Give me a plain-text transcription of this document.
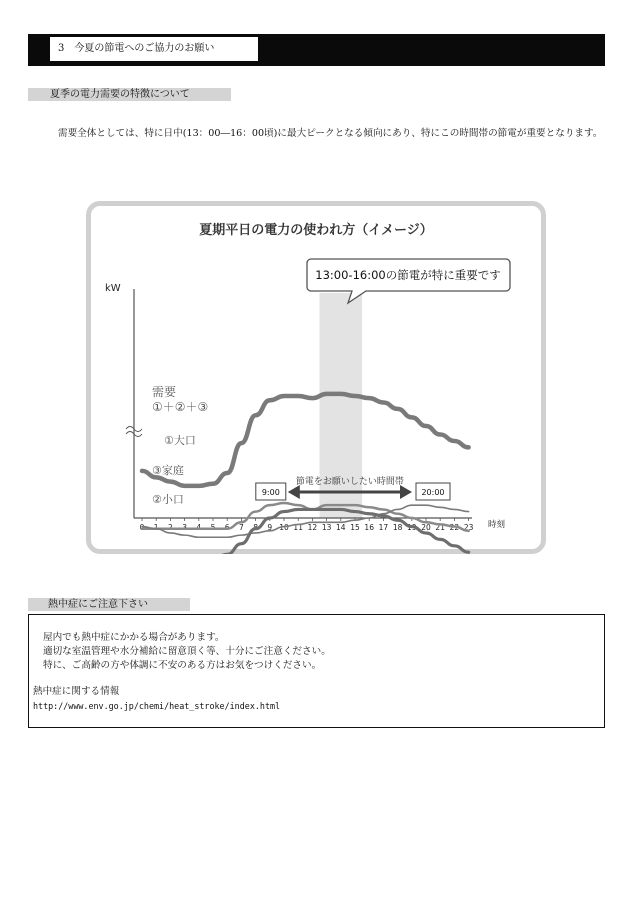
3　今夏の節電へのご協力のお願い
夏季の電力需要の特徴について
需要全体としては、特に日中(13：00―16：00頃)に最大ピークとなる傾向にあり、特にこの時間帯の節電が重要となります。
夏期平日の電力の使われ方（イメージ）
kW
時刻
0 1 2 3 4 5 6 7 8 9 10 11 12 13 14 15 16 17 18 19 20 21 22 23
需要
①＋②＋③
①大口
③家庭
②小口
13:00-16:00の節電が特に重要です
節電をお願いしたい時間帯
9:00	20:00
熱中症にご注意下さい
屋内でも熱中症にかかる場合があります。
適切な室温管理や水分補給に留意頂く等、十分にご注意ください。
特に、ご高齢の方や体調に不安のある方はお気をつけください。
熱中症に関する情報
http://www.env.go.jp/chemi/heat_stroke/index.html
